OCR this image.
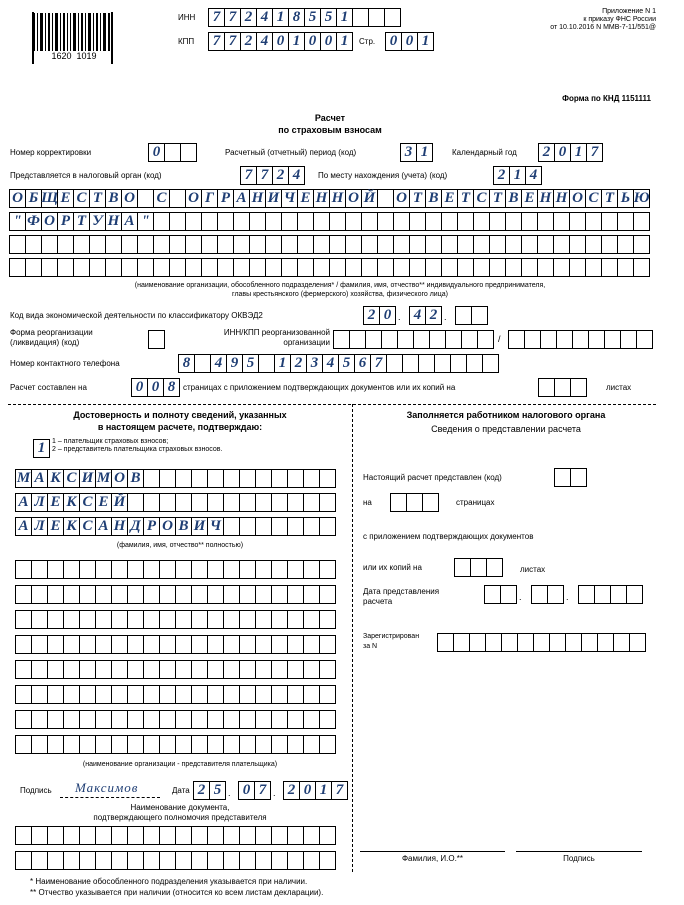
1620  1019
ИНН	7 7 2 4 1 8 5 5 1
КПП	7 7 2 4 0 1 0 0 1	Стр. 0 0 1
Приложение N 1
к приказу ФНС России
от 10.10.2016 N ММВ-7-11/551@
Форма по КНД 1151111
Расчет
по страховым взносам
Номер корректировки	0	Расчетный (отчетный) период (код)	3 1	Календарный год	2 0 1 7
Представляется в налоговый орган (код)	7 7 2 4	По месту нахождения (учета) (код)	2 1 4
О Б Щ Е С Т В О С О Г Р А Н И Ч Е Н Н О Й О Т В Е Т С Т В Е Н Н О С Т Ь Ю
" Ф О Р Т У Н А "
(наименование организации, обособленного подразделения* / фамилия, имя, отчество** индивидуального предпринимателя,
главы крестьянского (фермерского) хозяйства, физического лица)
Код вида экономической деятельности по классификатору ОКВЭД2	2 0 . 4 2 .
Форма реорганизации
(ликвидация) (код)
ИНН/КПП реорганизованной
организации	/
Номер контактного телефона	8	4 9 5	1 2 3 4 5 6 7
Расчет составлен на	0 0 8 страницах с приложением подтверждающих документов или их копий на	листах
Достоверность и полноту сведений, указанных
в настоящем расчете, подтверждаю:
1 1 – плательщик страховых взносов;
2 – представитель плательщика страховых взносов.
М А К С И М О В
А Л Е К С Е Й
А Л Е К С А Н Д Р О В И Ч
(фамилия, имя, отчество** полностью)
(наименование организации - представителя плательщика)
Подпись Максимов	Дата 2 5 . 0 7 . 2 0 1 7
Наименование документа,
подтверждающего полномочия представителя
Заполняется работником налогового органа
Сведения о представлении расчета
Настоящий расчет представлен (код)
на	страницах
с приложением подтверждающих документов
или их копий на	листах
Дата представления
расчета	.	.
Зарегистрирован
за N
Фамилия, И.О.**	Подпись
* Наименование обособленного подразделения указывается при наличии.
** Отчество указывается при наличии (относится ко всем листам декларации).
